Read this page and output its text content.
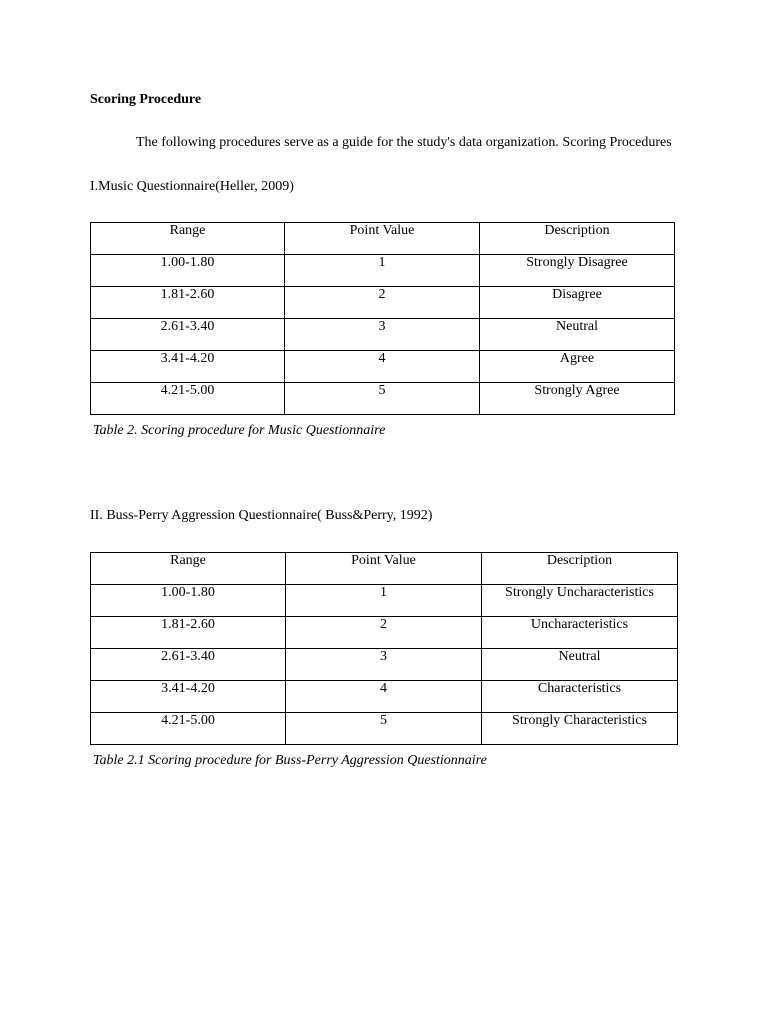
Scoring Procedure
The following procedures serve as a guide for the study's data organization. Scoring Procedures
I.Music Questionnaire(Heller, 2009)
Range	Point Value	Description
1.00-1.80	1	Strongly Disagree
1.81-2.60	2	Disagree
2.61-3.40	3	Neutral
3.41-4.20	4	Agree
4.21-5.00	5	Strongly Agree
Table 2. Scoring procedure for Music Questionnaire
II. Buss-Perry Aggression Questionnaire( Buss&Perry, 1992)
Range	Point Value	Description
1.00-1.80	1	Strongly Uncharacteristics
1.81-2.60	2	Uncharacteristics
2.61-3.40	3	Neutral
3.41-4.20	4	Characteristics
4.21-5.00	5	Strongly Characteristics
Table 2.1 Scoring procedure for Buss-Perry Aggression Questionnaire
